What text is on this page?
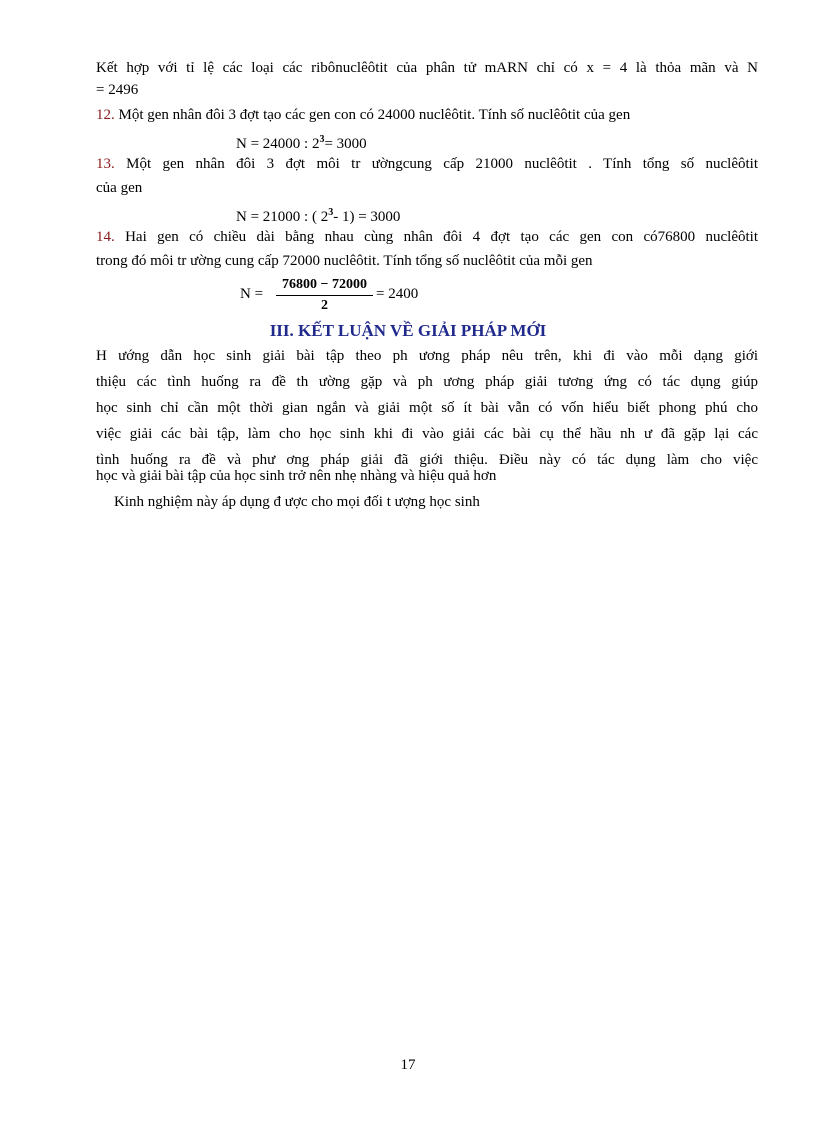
Kết hợp với tỉ lệ các loại các ribônuclêôtit của phân tử mARN chỉ có x = 4 là thỏa mãn và N
= 2496
12. Một gen nhân đôi 3 đợt tạo các gen con có 24000 nuclêôtit. Tính số nuclêôtit của gen
N = 24000 : $2^3= 3000$
13. Một gen nhân đôi 3 đợt môi tr ườngcung cấp 21000 nuclêôtit . Tính tổng số nuclêôtit
của gen
N = 21000 : ( $2^3-$ 1) = 3000
14. Hai gen có chiều dài bằng nhau cùng nhân đôi 4 đợt tạo các gen con có76800 nuclêôtit
trong đó môi tr ường cung cấp 72000 nuclêôtit. Tính tổng số nuclêôtit của mỗi gen
N =
76800 − 72000
2
= 2400
III. KẾT LUẬN VỀ GIẢI PHÁP MỚI
H ướng dẫn học sinh giải bài tập theo ph ương pháp nêu trên, khi đi vào mỗi dạng giới
thiệu các tình huống ra đề th ường gặp và ph ương pháp giải tương ứng có tác dụng giúp
học sinh chỉ cần một thời gian ngắn và giải một số ít bài vẫn có vốn hiểu biết phong phú cho
việc giải các bài tập, làm cho học sinh khi đi vào giải các bài cụ thể hầu nh ư đã gặp lại các
tình huống ra đề và phư ơng pháp giải đã giới thiệu. Điều này có tác dụng làm cho việc
học và giải bài tập của học sinh trở nên nhẹ nhàng và hiệu quả hơn
Kinh nghiệm này áp dụng đ ược cho mọi đối t ượng học sinh
17
